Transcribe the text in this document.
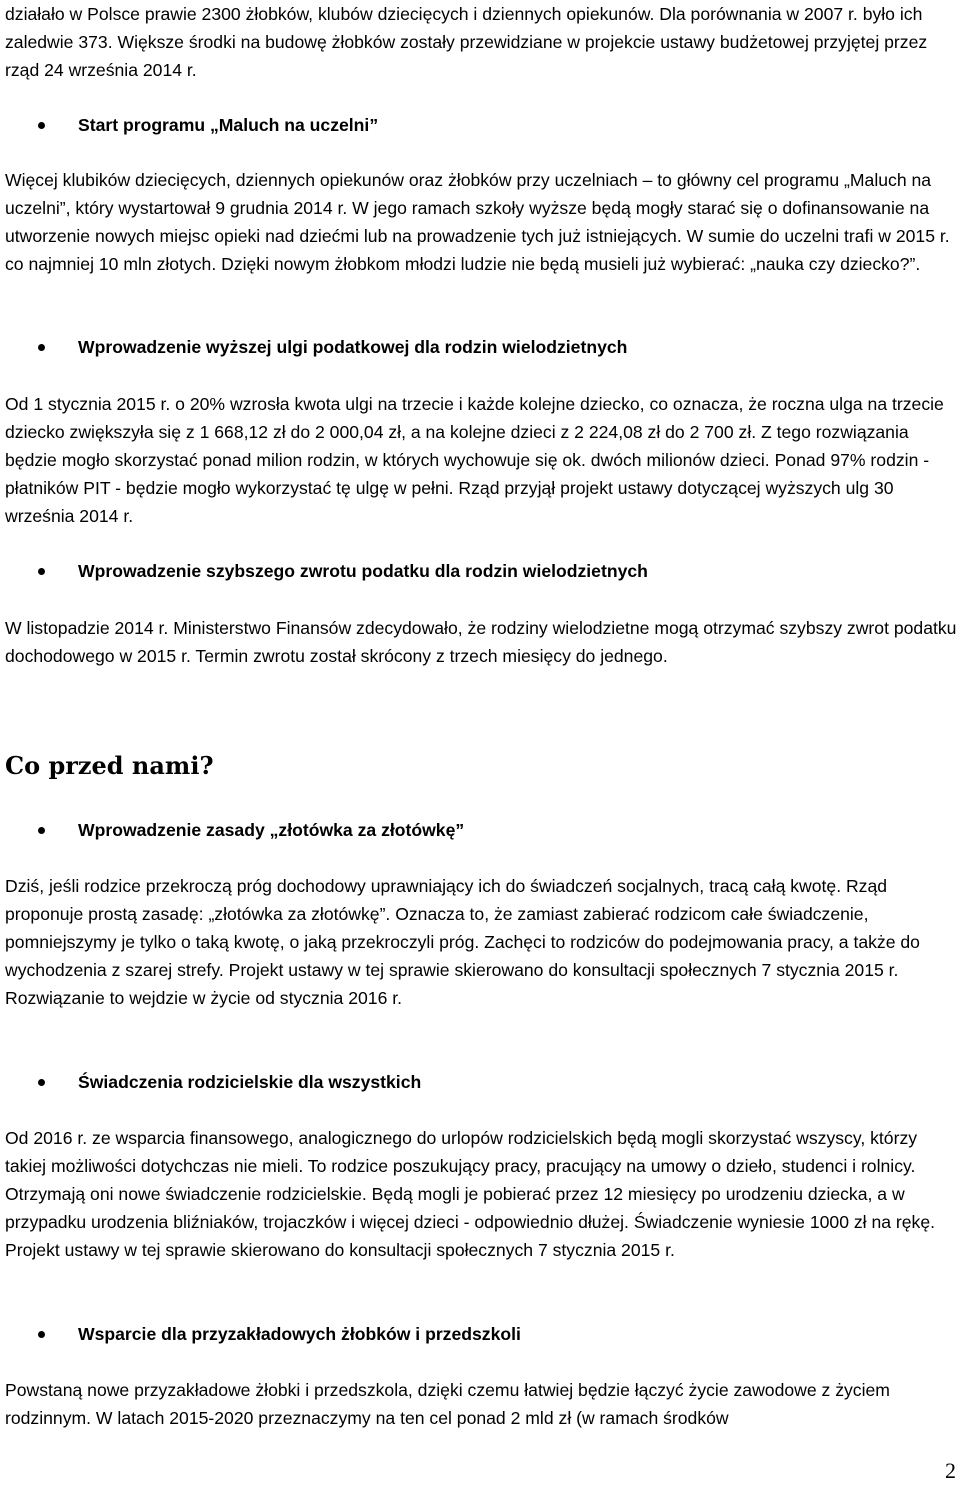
działało w Polsce prawie 2300 żłobków, klubów dziecięcych i dziennych opiekunów. Dla porównania w 2007 r. było ich zaledwie 373. Większe środki na budowę żłobków zostały przewidziane w projekcie ustawy budżetowej przyjętej przez rząd 24 września 2014 r.
Start programu „Maluch na uczelni”
Więcej klubików dziecięcych, dziennych opiekunów oraz żłobków przy uczelniach – to główny cel programu „Maluch na uczelni”, który wystartował 9 grudnia 2014 r. W jego ramach szkoły wyższe będą mogły starać się o dofinansowanie na utworzenie nowych miejsc opieki nad dziećmi lub na prowadzenie tych już istniejących. W sumie do uczelni trafi w 2015 r. co najmniej 10 mln złotych. Dzięki nowym żłobkom młodzi ludzie nie będą musieli już wybierać: „nauka czy dziecko?”.
Wprowadzenie wyższej ulgi podatkowej dla rodzin wielodzietnych
Od 1 stycznia 2015 r. o 20% wzrosła kwota ulgi na trzecie i każde kolejne dziecko, co oznacza, że roczna ulga na trzecie dziecko zwiększyła się z 1 668,12 zł do 2 000,04 zł, a na kolejne dzieci z 2 224,08 zł do 2 700 zł. Z tego rozwiązania będzie mogło skorzystać ponad milion rodzin, w których wychowuje się ok. dwóch milionów dzieci. Ponad 97% rodzin - płatników PIT - będzie mogło wykorzystać tę ulgę w pełni. Rząd przyjął projekt ustawy dotyczącej wyższych ulg 30 września 2014 r.
Wprowadzenie szybszego zwrotu podatku dla rodzin wielodzietnych
W listopadzie 2014 r. Ministerstwo Finansów zdecydowało, że rodziny wielodzietne mogą otrzymać szybszy zwrot podatku dochodowego w 2015 r. Termin zwrotu został skrócony z trzech miesięcy do jednego.
Co przed nami?
Wprowadzenie zasady „złotówka za złotówkę”
Dziś, jeśli rodzice przekroczą próg dochodowy uprawniający ich do świadczeń socjalnych, tracą całą kwotę. Rząd proponuje prostą zasadę: „złotówka za złotówkę”. Oznacza to, że zamiast zabierać rodzicom całe świadczenie, pomniejszymy je tylko o taką kwotę, o jaką przekroczyli próg. Zachęci to rodziców do podejmowania pracy, a także do wychodzenia z szarej strefy. Projekt ustawy w tej sprawie skierowano do konsultacji społecznych 7 stycznia 2015 r. Rozwiązanie to wejdzie w życie od stycznia 2016 r.
Świadczenia rodzicielskie dla wszystkich
Od 2016 r. ze wsparcia finansowego, analogicznego do urlopów rodzicielskich będą mogli skorzystać wszyscy, którzy takiej możliwości dotychczas nie mieli. To rodzice poszukujący pracy, pracujący na umowy o dzieło, studenci i rolnicy. Otrzymają oni nowe świadczenie rodzicielskie. Będą mogli je pobierać przez 12 miesięcy po urodzeniu dziecka, a w przypadku urodzenia bliźniaków, trojaczków i więcej dzieci - odpowiednio dłużej. Świadczenie wyniesie 1000 zł na rękę. Projekt ustawy w tej sprawie skierowano do konsultacji społecznych 7 stycznia 2015 r.
Wsparcie dla przyzakładowych żłobków i przedszkoli
Powstaną nowe przyzakładowe żłobki i przedszkola, dzięki czemu łatwiej będzie łączyć życie zawodowe z życiem rodzinnym. W latach 2015-2020 przeznaczymy na ten cel ponad 2 mld zł (w ramach środków
2
